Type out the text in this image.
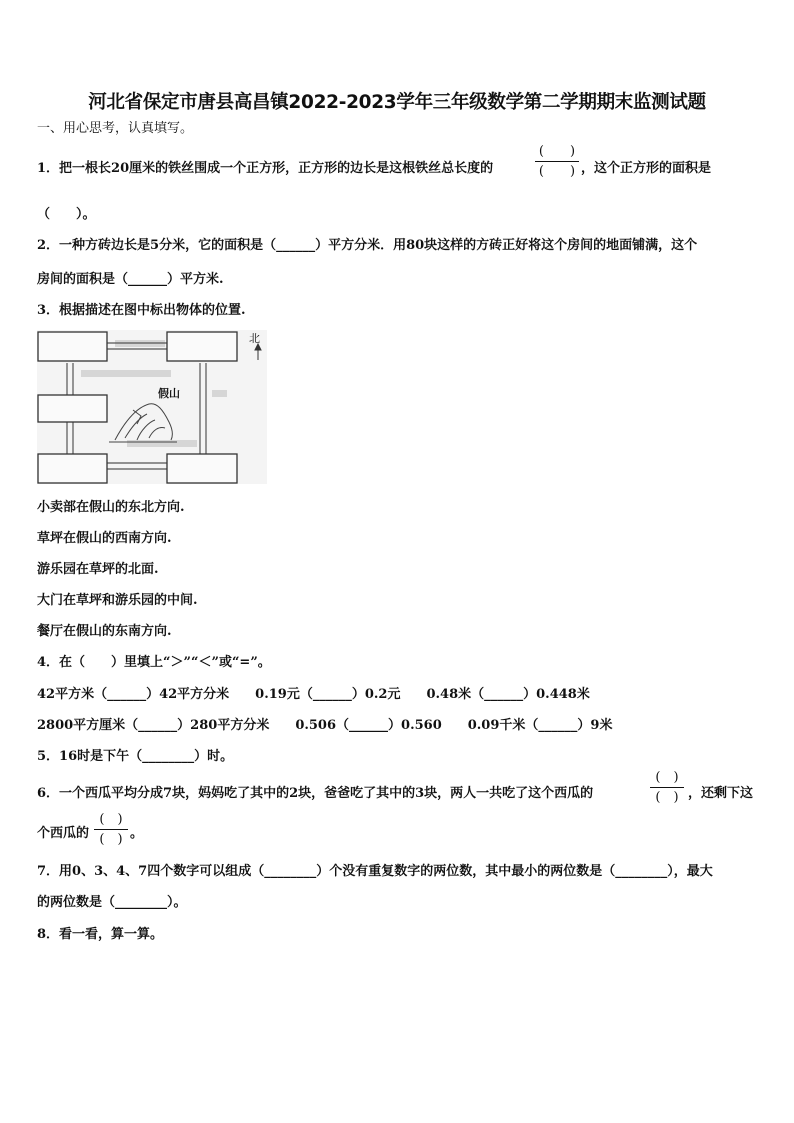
河北省保定市唐县高昌镇2022-2023学年三年级数学第二学期期末监测试题
一、用心思考，认真填写。
1．把一根长20厘米的铁丝围成一个正方形，正方形的边长是这根铁丝总长度的
(　　)
(　　) ，这个正方形的面积是
（　　）。
2．一种方砖边长是5分米，它的面积是（______）平方分米．用80块这样的方砖正好将这个房间的地面铺满，这个
房间的面积是（______）平方米.
3．根据描述在图中标出物体的位置.
北
假山
小卖部在假山的东北方向.
草坪在假山的西南方向.
游乐园在草坪的北面.
大门在草坪和游乐园的中间.
餐厅在假山的东南方向.
4．在（　　）里填上“＞”“＜”或“=”。
42平方米（______）42平方分米　　0.19元（______）0.2元　　0.48米（______）0.448米
2800平方厘米（______）280平方分米　　0.506（______）0.560　　0.09千米（______）9米
5．16时是下午（________）时。
6．一个西瓜平均分成7块，妈妈吃了其中的2块，爸爸吃了其中的3块，两人一共吃了这个西瓜的
(　)
(　) ，还剩下这
个西瓜的
(　)
(　) 。
7．用0、3、4、7四个数字可以组成（________）个没有重复数字的两位数，其中最小的两位数是（________），最大
的两位数是（________）。
8．看一看，算一算。
